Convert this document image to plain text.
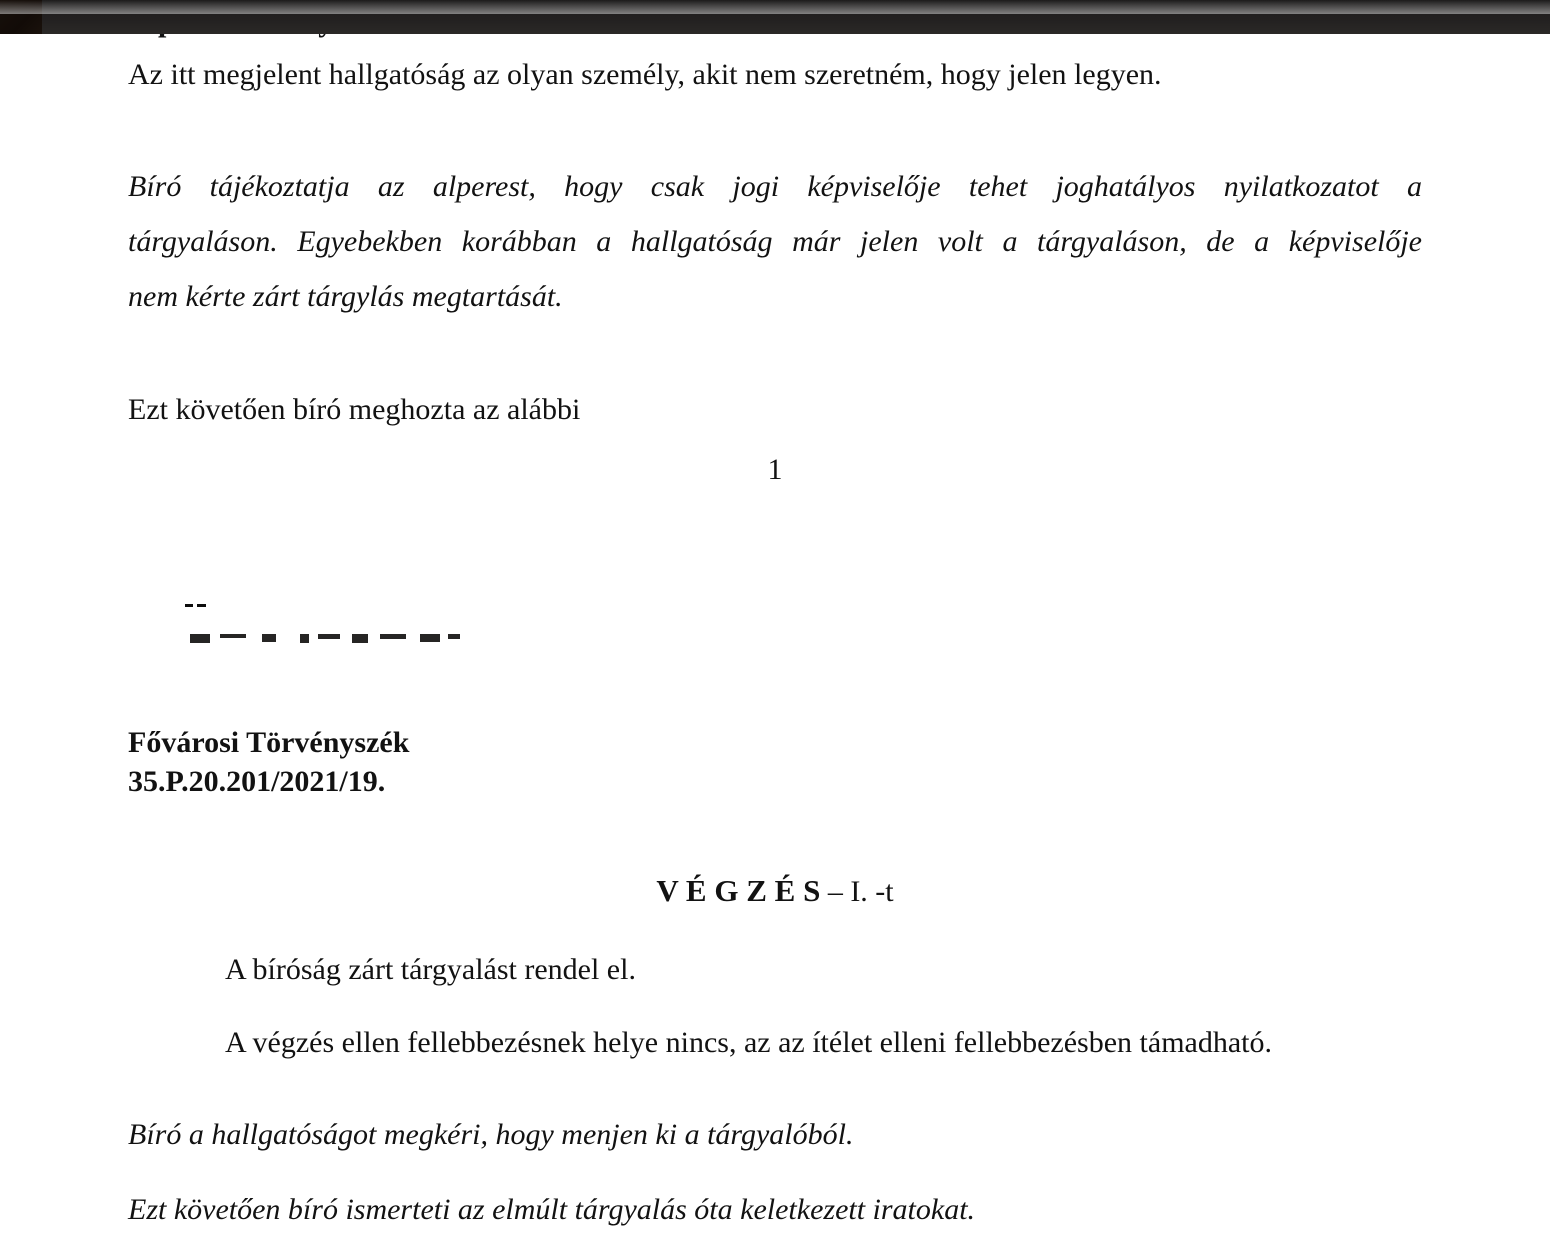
Az itt megjelent hallgatóság az olyan személy, akit nem szeretném, hogy jelen legyen.
Bíró tájékoztatja az alperest, hogy csak jogi képviselője tehet joghatályos nyilatkozatot a
tárgyaláson. Egyebekben korábban a hallgatóság már jelen volt a tárgyaláson, de a képviselője
nem kérte zárt tárgylás megtartását.
Ezt követően bíró meghozta az alábbi
1
Fővárosi Törvényszék
35.P.20.201/2021/19.
V É G Z É S – I. -t
A bíróság zárt tárgyalást rendel el.
A végzés ellen fellebbezésnek helye nincs, az az ítélet elleni fellebbezésben támadható.
Bíró a hallgatóságot megkéri, hogy menjen ki a tárgyalóból.
Ezt követően bíró ismerteti az elmúlt tárgyalás óta keletkezett iratokat.
